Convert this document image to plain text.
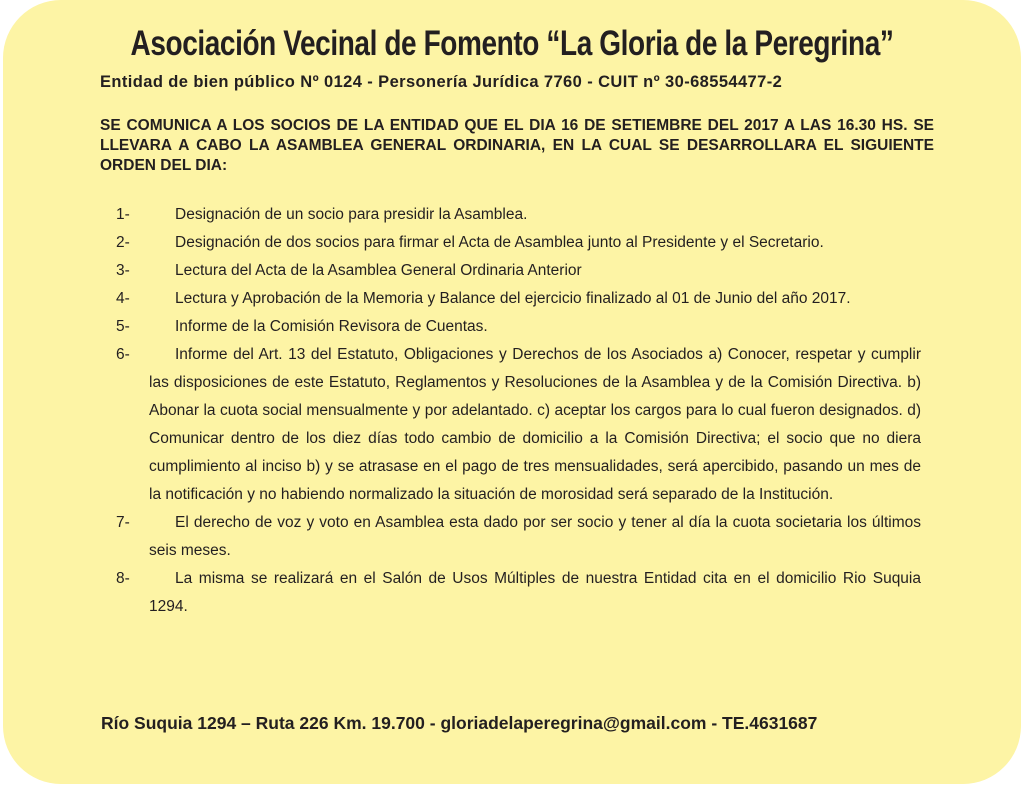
Asociación Vecinal de Fomento “La Gloria de la Peregrina”
Entidad de bien público Nº 0124 - Personería Jurídica 7760 - CUIT nº 30-68554477-2
SE COMUNICA A LOS SOCIOS DE LA ENTIDAD QUE EL DIA 16 DE SETIEMBRE DEL 2017 A LAS 16.30 HS. SE LLEVARA A CABO LA ASAMBLEA GENERAL ORDINARIA, EN LA CUAL SE DESARROLLARA EL SIGUIENTE ORDEN DEL DIA:
1-	Designación de un socio para presidir la Asamblea.
2-	Designación de dos socios para firmar el Acta de Asamblea junto al Presidente y el Secretario.
3-	Lectura del Acta de la Asamblea General Ordinaria Anterior
4-	Lectura y Aprobación de la Memoria y Balance del ejercicio finalizado al 01 de Junio del año 2017.
5-	Informe de la Comisión Revisora de Cuentas.
6-	Informe del Art. 13 del Estatuto, Obligaciones y Derechos de los Asociados a) Conocer, respetar y cumplir las disposiciones de este Estatuto, Reglamentos y Resoluciones de la Asamblea y de la Comisión Directiva. b) Abonar la cuota social mensualmente y por adelantado. c) aceptar los cargos para lo cual fueron designados. d) Comunicar dentro de los diez días todo cambio de domicilio a la Comisión Directiva; el socio que no diera cumplimiento al inciso b) y se atrasase en el pago de tres mensualidades, será apercibido, pasando un mes de la notificación y no habiendo normalizado la situación de morosidad será separado de la Institución.
7-	El derecho de voz y voto en Asamblea esta dado por ser socio y tener al día la cuota societaria los últimos seis meses.
8-	La misma se realizará en el Salón de Usos Múltiples de nuestra Entidad cita en el domicilio Rio Suquia 1294.
Río Suquia 1294 – Ruta 226 Km. 19.700 - gloriadelaperegrina@gmail.com - TE.4631687
